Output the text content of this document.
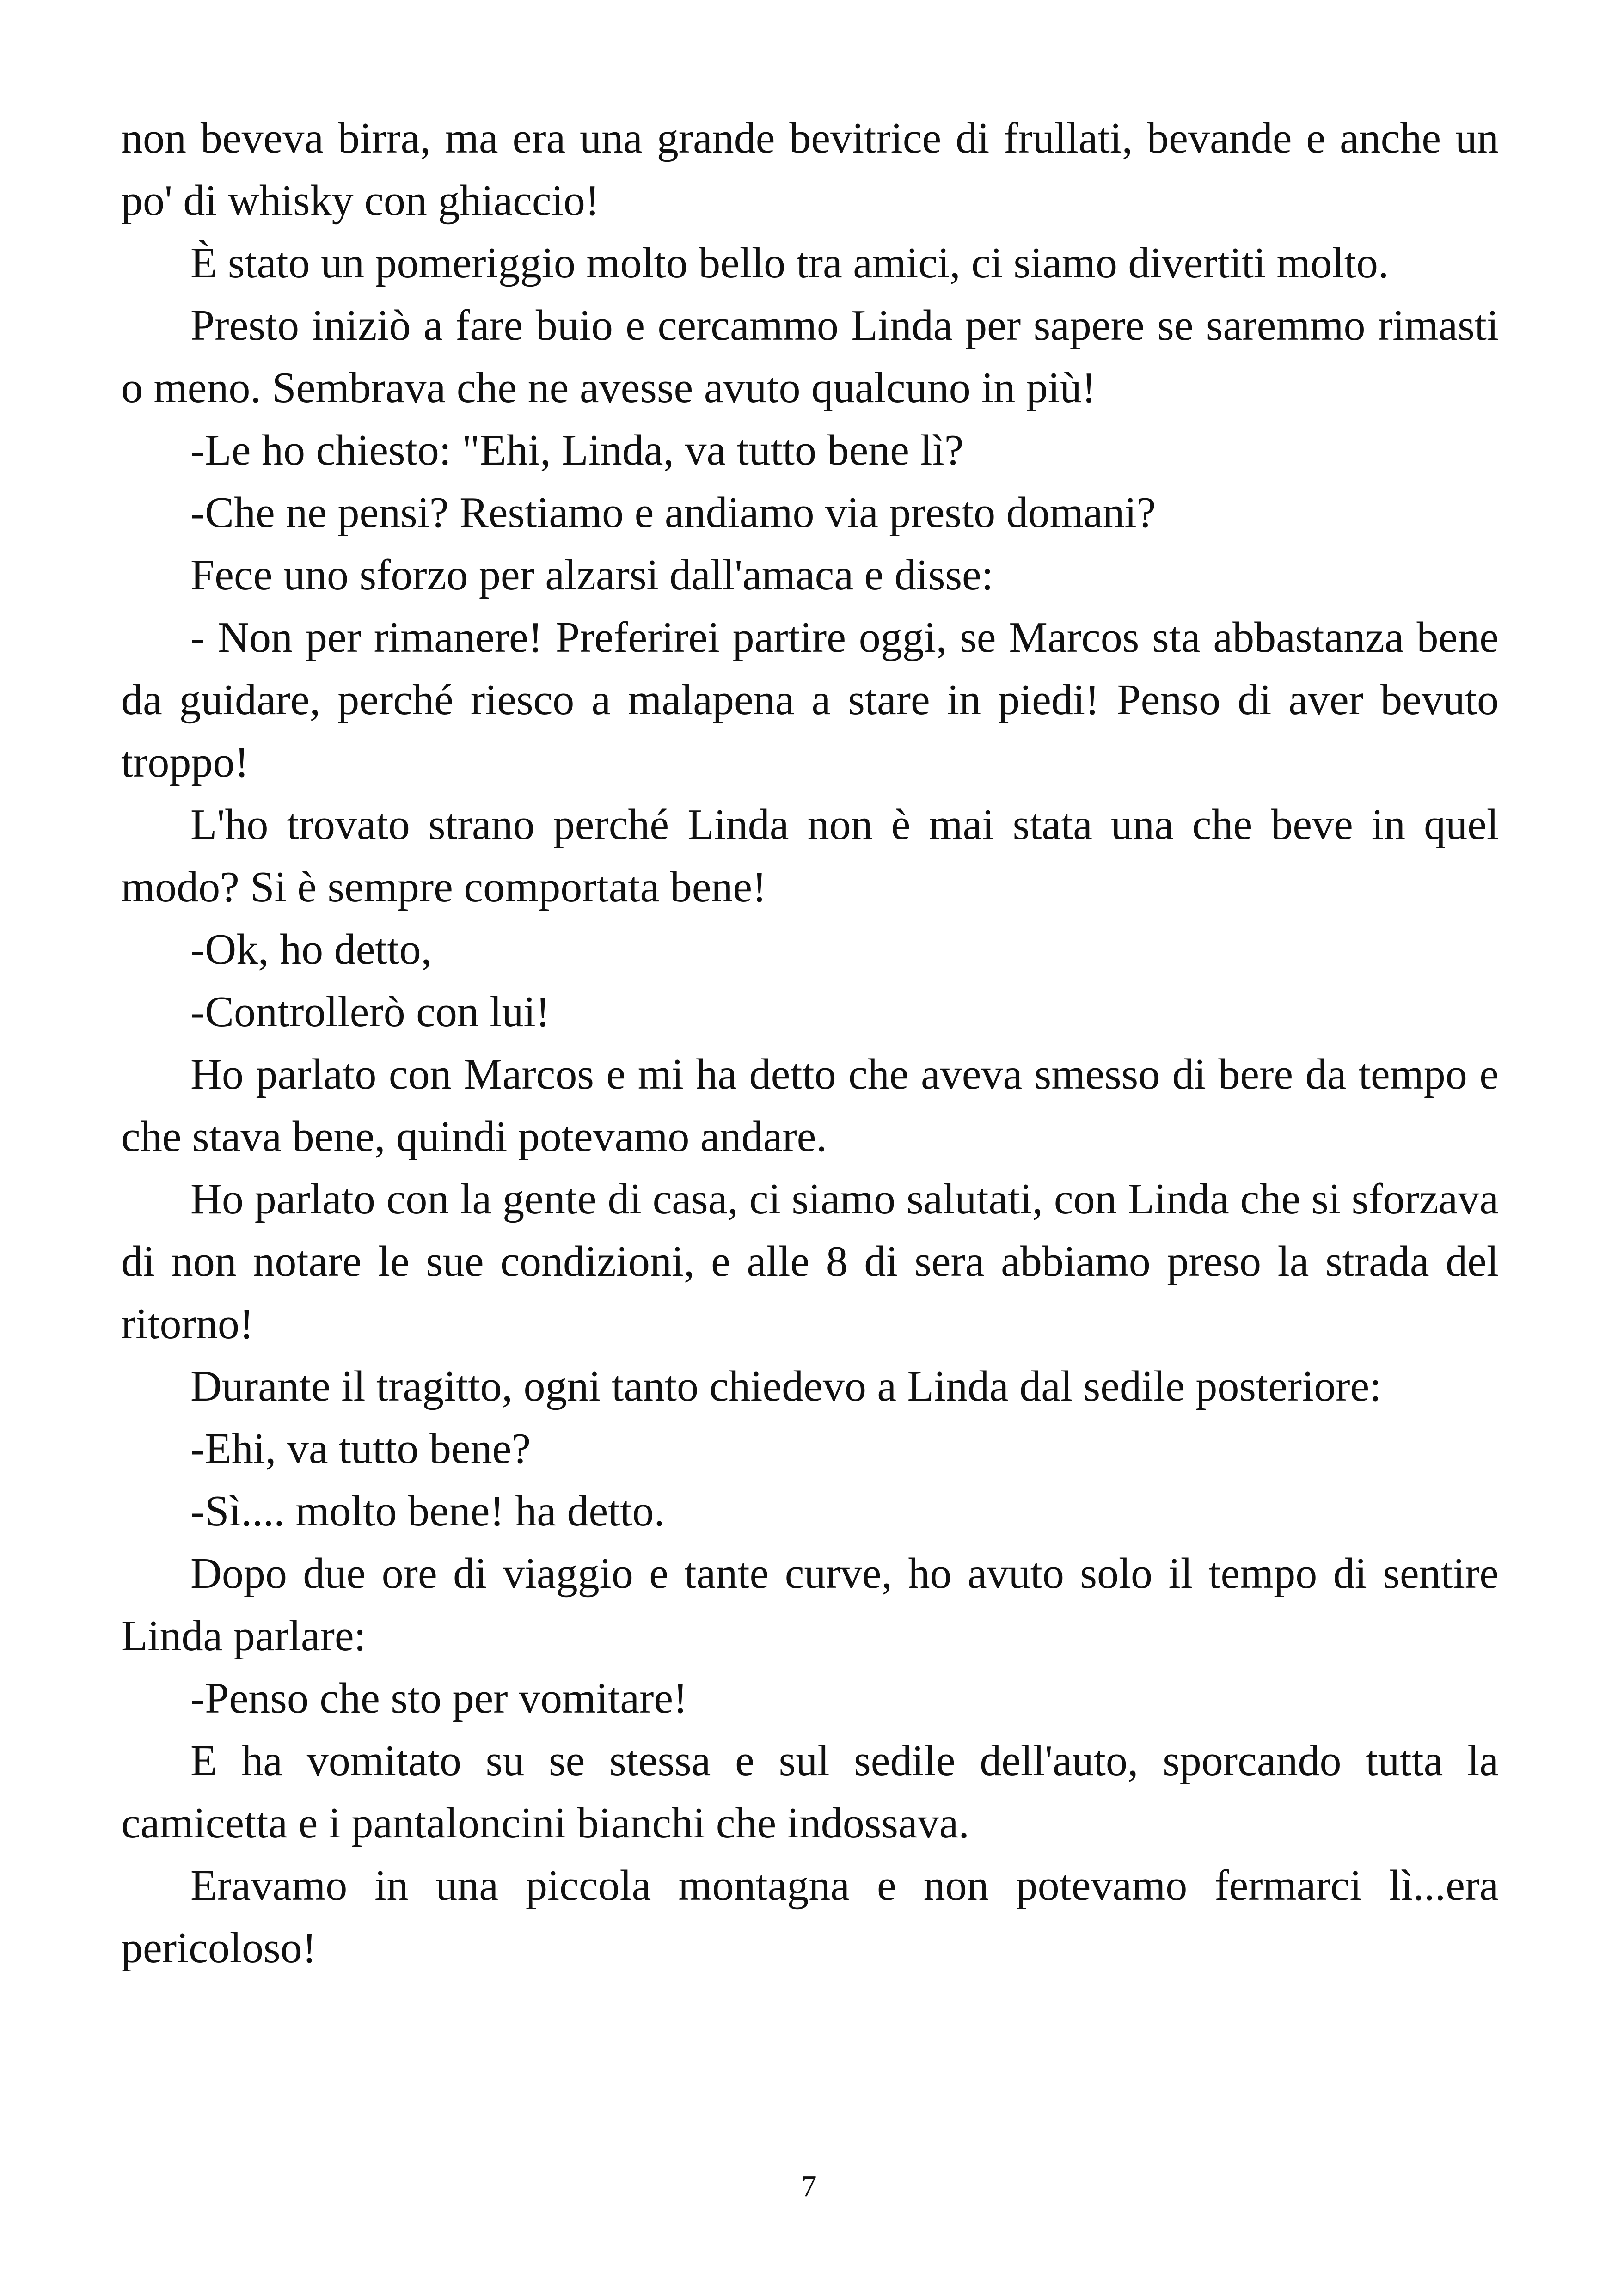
non beveva birra, ma era una grande bevitrice di frullati, bevande e anche un po' di whisky con ghiaccio!

È stato un pomeriggio molto bello tra amici, ci siamo divertiti molto.

Presto iniziò a fare buio e cercammo Linda per sapere se saremmo rimasti o meno. Sembrava che ne avesse avuto qualcuno in più!

-Le ho chiesto: "Ehi, Linda, va tutto bene lì?

-Che ne pensi? Restiamo e andiamo via presto domani?

Fece uno sforzo per alzarsi dall'amaca e disse:

- Non per rimanere! Preferirei partire oggi, se Marcos sta abbastanza bene da guidare, perché riesco a malapena a stare in piedi! Penso di aver bevuto troppo!

L'ho trovato strano perché Linda non è mai stata una che beve in quel modo? Si è sempre comportata bene!

-Ok, ho detto,

-Controllerò con lui!

Ho parlato con Marcos e mi ha detto che aveva smesso di bere da tempo e che stava bene, quindi potevamo andare.

Ho parlato con la gente di casa, ci siamo salutati, con Linda che si sforzava di non notare le sue condizioni, e alle 8 di sera abbiamo preso la strada del ritorno!

Durante il tragitto, ogni tanto chiedevo a Linda dal sedile posteriore:

-Ehi, va tutto bene?

-Sì.... molto bene! ha detto.

Dopo due ore di viaggio e tante curve, ho avuto solo il tempo di sentire Linda parlare:

-Penso che sto per vomitare!

E ha vomitato su se stessa e sul sedile dell'auto, sporcando tutta la camicetta e i pantaloncini bianchi che indossava.

Eravamo in una piccola montagna e non potevamo fermarci lì...era pericoloso!

7
